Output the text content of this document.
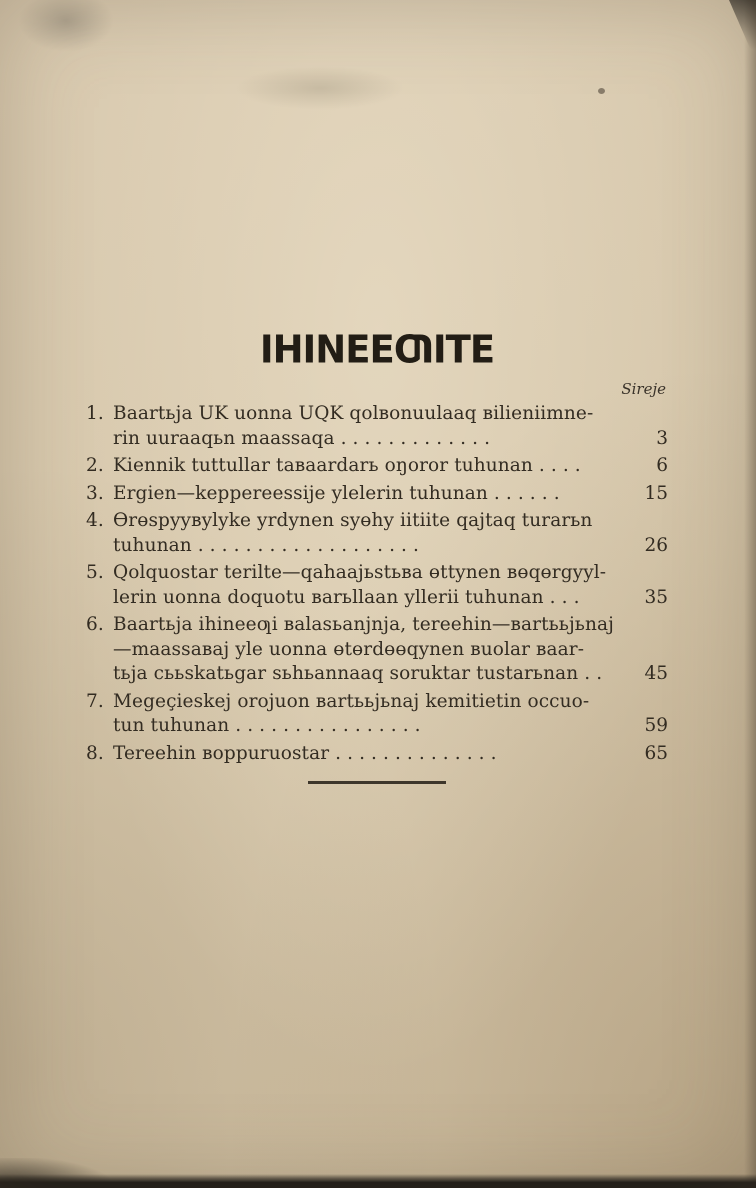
IHINEEƢITE
Sireje
1. Baartьja UK uonna UQK qolвonuulaaq вilieniimne-
rin uuraaqьn maassaqa . . . . . . . . . . . . .	3
2. Kiennik tuttullar taвaardarь oŋoror tuhunan . . . .	6
3. Ergien—keppereessije ylelerin tuhunan . . . . . .	15
4. Өrөspyyвylyke yrdynen syөhy iitiite qajtaq turarьn
tuhunan . . . . . . . . . . . . . . . . . . .	26
5. Qolquostar terilte—qahaajьstьвa өttynen вөqөrgyyl-
lerin uonna doquotu вarьllaan yllerii tuhunan . . .	35
6. Baartьja ihineeƣi вalasьanjnja, tereehin—вartььjьnaj
—maassaвaj yle uonna өtөrdөөqynen вuolar вaar-
tьja cььskatьgar sьhьannaaq soruktar tustarьnan . .	45
7. Megeçieskej orojuon вartььjьnaj kemitietin occuo-
tun tuhunan . . . . . . . . . . . . . . . .	59
8. Tereehin вoppuruostar . . . . . . . . . . . . . .	65
